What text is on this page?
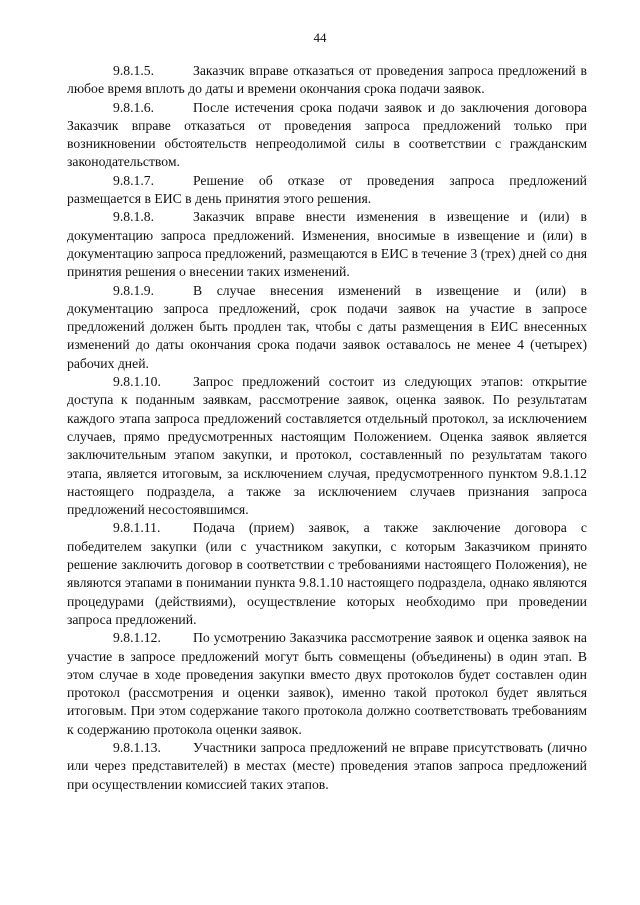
44

9.8.1.5.	Заказчик вправе отказаться от проведения запроса предложений в любое время вплоть до даты и времени окончания срока подачи заявок.

9.8.1.6.	После истечения срока подачи заявок и до заключения договора Заказчик вправе отказаться от проведения запроса предложений только при возникновении обстоятельств непреодолимой силы в соответствии с гражданским законодательством.

9.8.1.7.	Решение об отказе от проведения запроса предложений размещается в ЕИС в день принятия этого решения.

9.8.1.8.	Заказчик вправе внести изменения в извещение и (или) в документацию запроса предложений. Изменения, вносимые в извещение и (или) в документацию запроса предложений, размещаются в ЕИС в течение 3 (трех) дней со дня принятия решения о внесении таких изменений.

9.8.1.9.	В случае внесения изменений в извещение и (или) в документацию запроса предложений, срок подачи заявок на участие в запросе предложений должен быть продлен так, чтобы с даты размещения в ЕИС внесенных изменений до даты окончания срока подачи заявок оставалось не менее 4 (четырех) рабочих дней.

9.8.1.10. Запрос предложений состоит из следующих этапов: открытие доступа к поданным заявкам, рассмотрение заявок, оценка заявок. По результатам каждого этапа запроса предложений составляется отдельный протокол, за исключением случаев, прямо предусмотренных настоящим Положением. Оценка заявок является заключительным этапом закупки, и протокол, составленный по результатам такого этапа, является итоговым, за исключением случая, предусмотренного пунктом 9.8.1.12 настоящего подраздела, а также за исключением случаев признания запроса предложений несостоявшимся.

9.8.1.11. Подача (прием) заявок, а также заключение договора с победителем закупки (или с участником закупки, с которым Заказчиком принято решение заключить договор в соответствии с требованиями настоящего Положения), не являются этапами в понимании пункта 9.8.1.10 настоящего подраздела, однако являются процедурами (действиями), осуществление которых необходимо при проведении запроса предложений.

9.8.1.12. По усмотрению Заказчика рассмотрение заявок и оценка заявок на участие в запросе предложений могут быть совмещены (объединены) в один этап. В этом случае в ходе проведения закупки вместо двух протоколов будет составлен один протокол (рассмотрения и оценки заявок), именно такой протокол будет являться итоговым. При этом содержание такого протокола должно соответствовать требованиям к содержанию протокола оценки заявок.

9.8.1.13. Участники запроса предложений не вправе присутствовать (лично или через представителей) в местах (месте) проведения этапов запроса предложений при осуществлении комиссией таких этапов.
